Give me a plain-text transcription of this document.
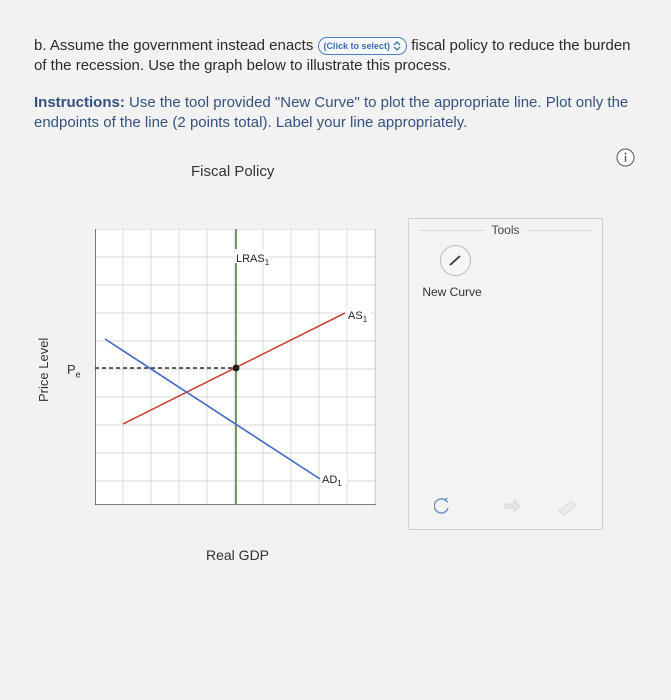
b. Assume the government instead enacts (Click to select) fiscal policy to reduce the burden of the recession. Use the graph below to illustrate this process.
Instructions: Use the tool provided "New Curve" to plot the appropriate line. Plot only the endpoints of the line (2 points total). Label your line appropriately.
Fiscal Policy
Price Level $P_e$
$LRAS_1$
$AS_1$
$AD_1$
Real GDP
Tools
New Curve
